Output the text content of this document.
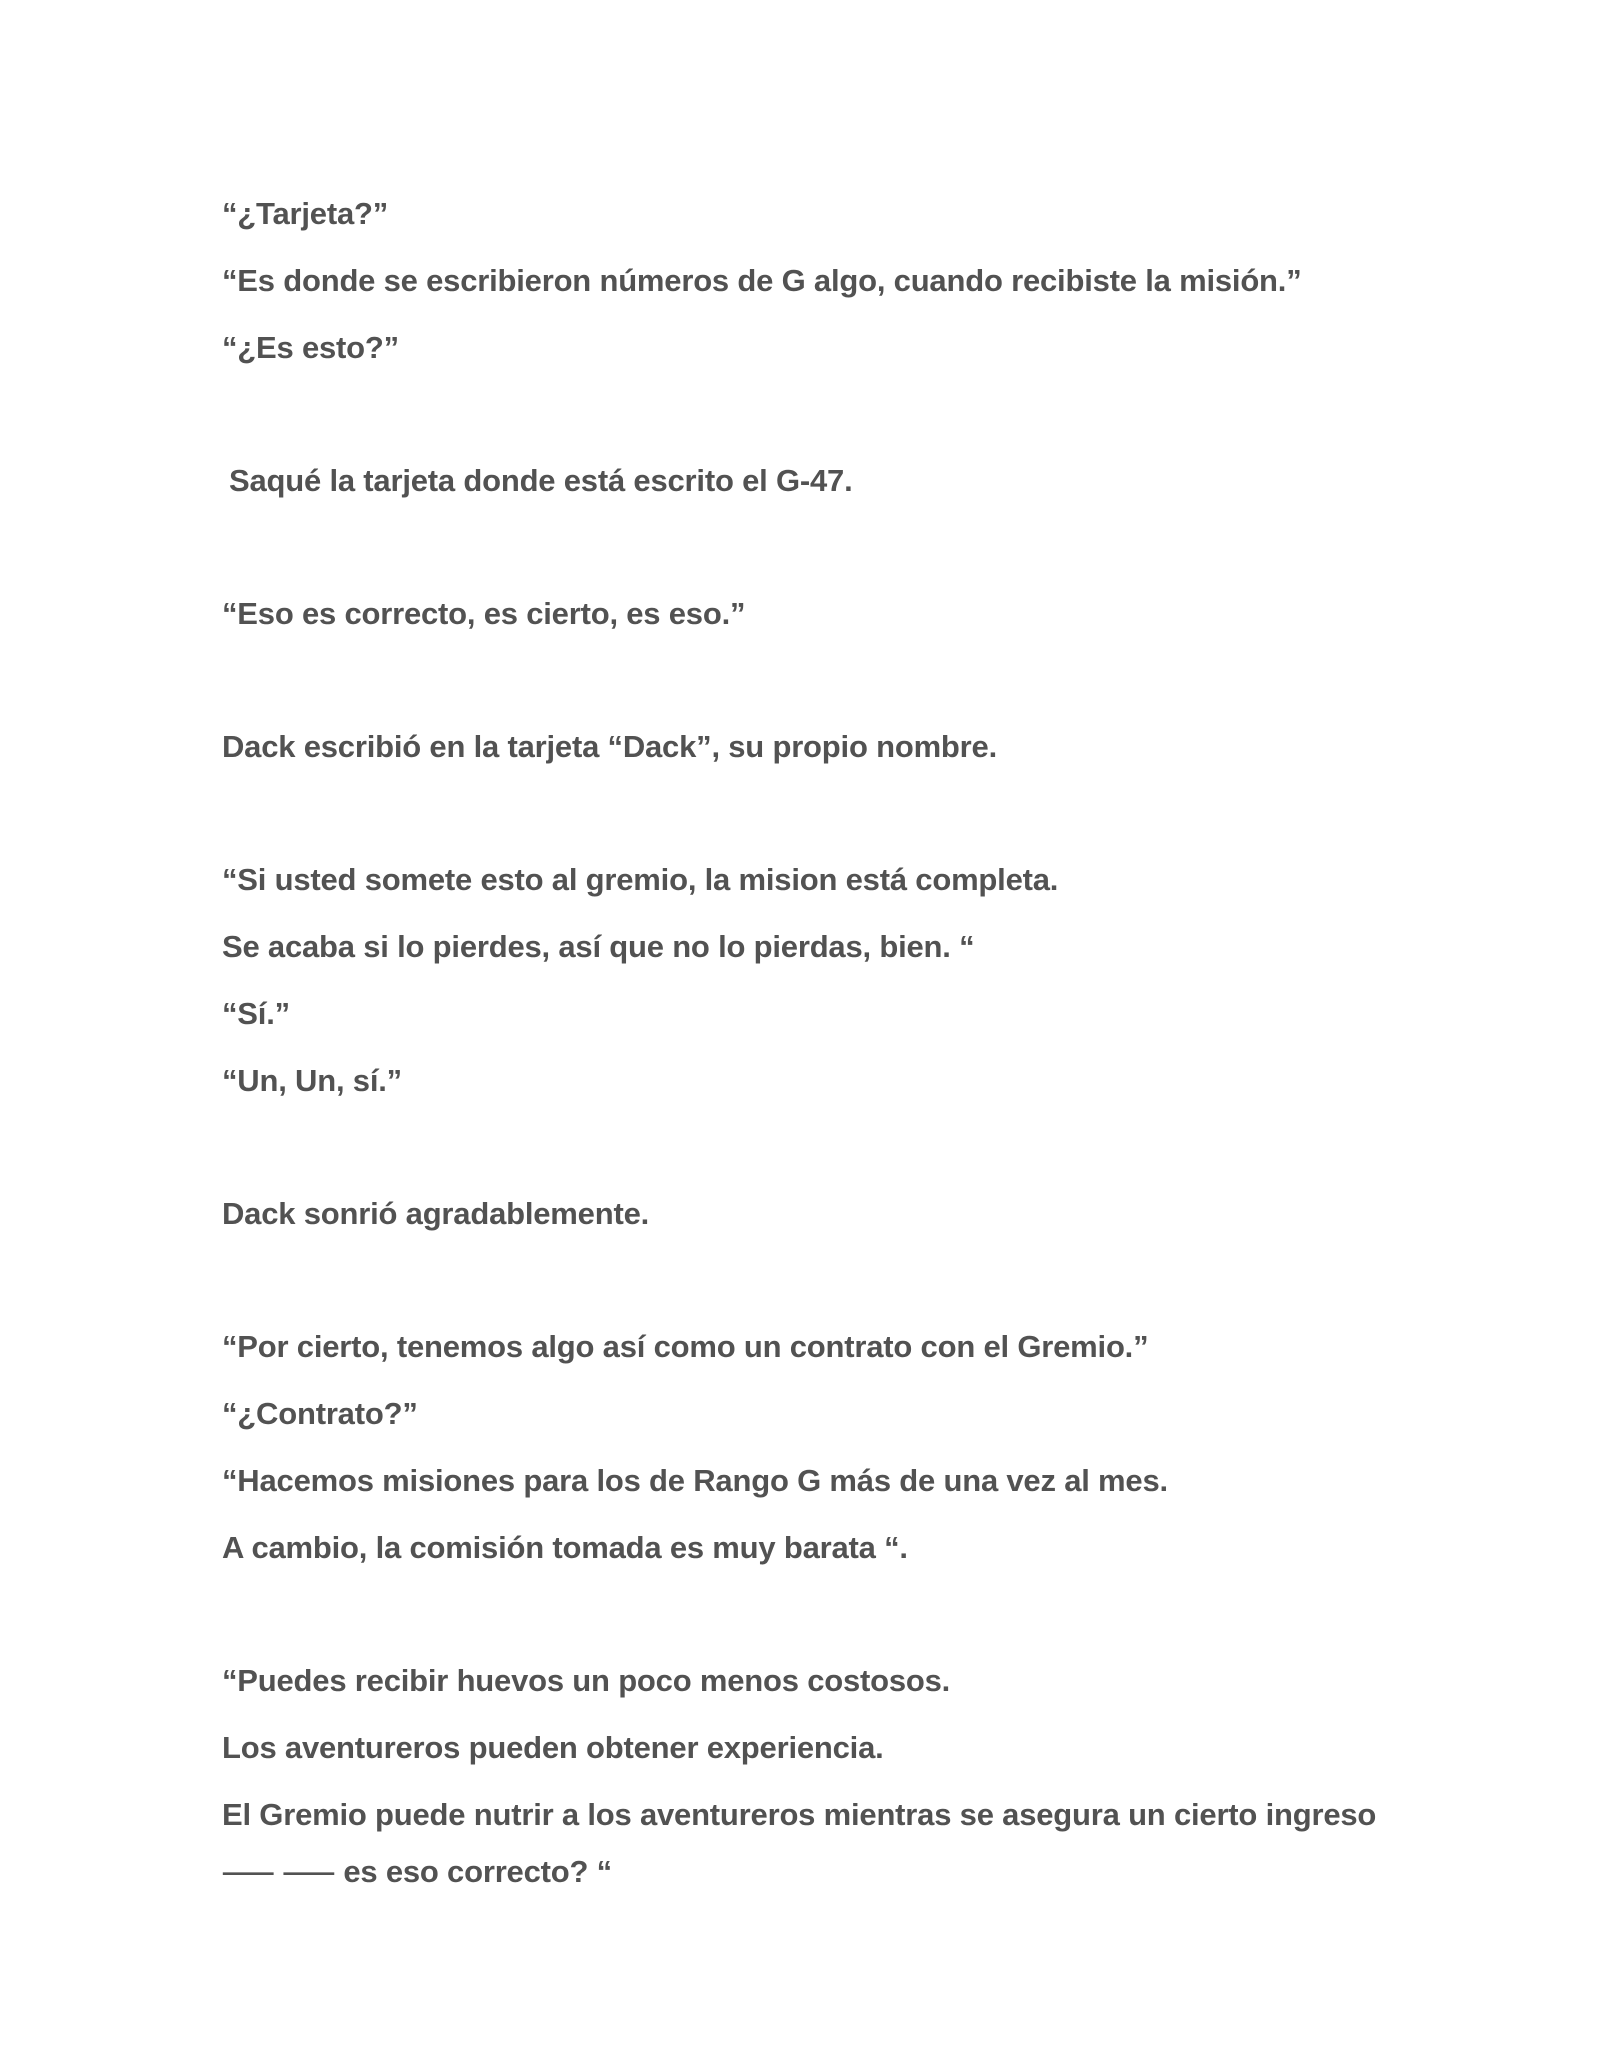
“¿Tarjeta?”
“Es donde se escribieron números de G algo, cuando recibiste la misión.”
“¿Es esto?”
Saqué la tarjeta donde está escrito el G-47.
“Eso es correcto, es cierto, es eso.”
Dack escribió en la tarjeta “Dack”, su propio nombre.
“Si usted somete esto al gremio, la mision está completa.
Se acaba si lo pierdes, así que no lo pierdas, bien. “
“Sí.”
“Un, Un, sí.”
Dack sonrió agradablemente.
“Por cierto, tenemos algo así como un contrato con el Gremio.”
“¿Contrato?”
“Hacemos misiones para los de Rango G más de una vez al mes.
A cambio, la comisión tomada es muy barata “.
“Puedes recibir huevos un poco menos costosos.
Los aventureros pueden obtener experiencia.
El Gremio puede nutrir a los aventureros mientras se asegura un cierto ingreso
⸺ ⸺ es eso correcto? “
